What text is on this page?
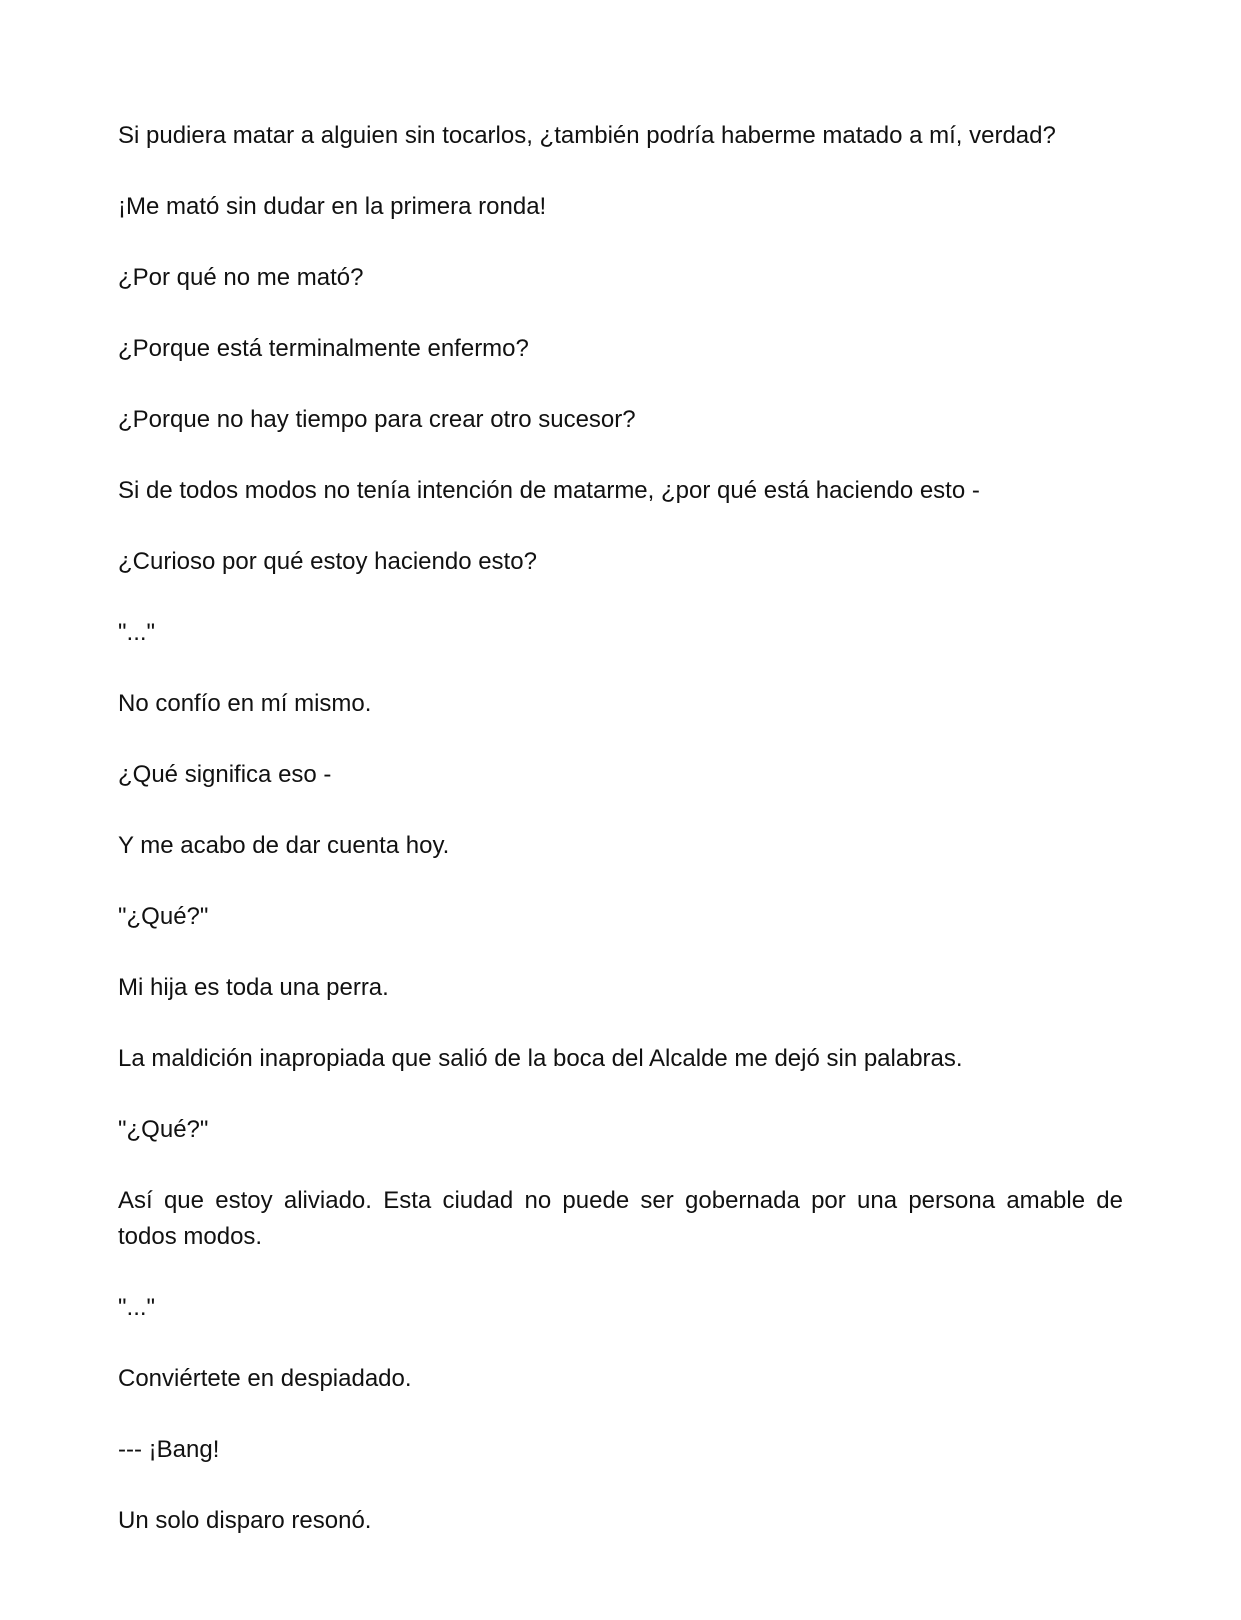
Si pudiera matar a alguien sin tocarlos, ¿también podría haberme matado a mí, verdad?

¡Me mató sin dudar en la primera ronda!

¿Por qué no me mató?

¿Porque está terminalmente enfermo?

¿Porque no hay tiempo para crear otro sucesor?

Si de todos modos no tenía intención de matarme, ¿por qué está haciendo esto -

¿Curioso por qué estoy haciendo esto?

"..."

No confío en mí mismo.

¿Qué significa eso -

Y me acabo de dar cuenta hoy.

"¿Qué?"

Mi hija es toda una perra.

La maldición inapropiada que salió de la boca del Alcalde me dejó sin palabras.

"¿Qué?"

Así que estoy aliviado. Esta ciudad no puede ser gobernada por una persona amable de todos modos.

"..."

Conviértete en despiadado.

--- ¡Bang!

Un solo disparo resonó.
